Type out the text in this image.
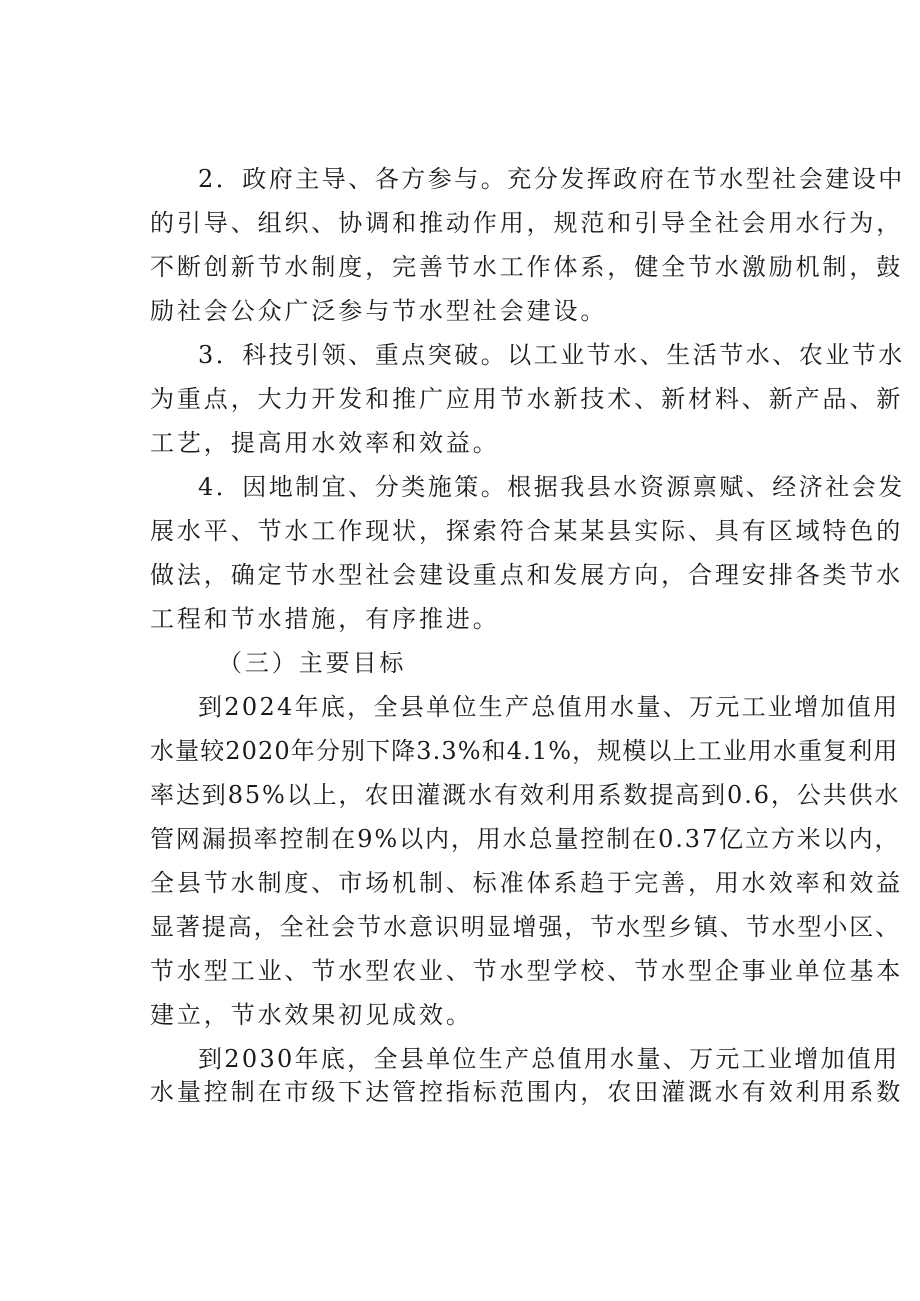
2．政府主导、各方参与。充分发挥政府在节水型社会建设中

的引导、组织、协调和推动作用，规范和引导全社会用水行为，

不断创新节水制度，完善节水工作体系，健全节水激励机制，鼓

励社会公众广泛参与节水型社会建设。

3．科技引领、重点突破。以工业节水、生活节水、农业节水

为重点，大力开发和推广应用节水新技术、新材料、新产品、新

工艺，提高用水效率和效益。

4．因地制宜、分类施策。根据我县水资源禀赋、经济社会发

展水平、节水工作现状，探索符合某某县实际、具有区域特色的

做法，确定节水型社会建设重点和发展方向，合理安排各类节水

工程和节水措施，有序推进。

（三）主要目标

到2024年底，全县单位生产总值用水量、万元工业增加值用

水量较2020年分别下降3.3%和4.1%，规模以上工业用水重复利用

率达到85%以上，农田灌溉水有效利用系数提高到0.6，公共供水

管网漏损率控制在9%以内，用水总量控制在0.37亿立方米以内，

全县节水制度、市场机制、标准体系趋于完善，用水效率和效益

显著提高，全社会节水意识明显增强，节水型乡镇、节水型小区、

节水型工业、节水型农业、节水型学校、节水型企事业单位基本

建立，节水效果初见成效。

到2030年底，全县单位生产总值用水量、万元工业增加值用

水量控制在市级下达管控指标范围内，农田灌溉水有效利用系数
